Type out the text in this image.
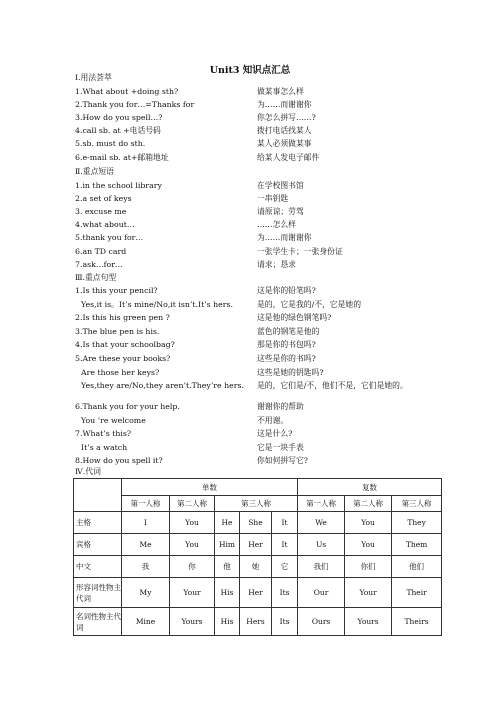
Unit3 知识点汇总
Ⅰ.用法荟萃
1.What about +doing sth?	做某事怎么样
2.Thank you for…=Thanks for	为……而谢谢你
3.How do you spell…?	你怎么拼写……?
4.call sb. at +电话号码	拨打电话找某人
5.sb. must do sth.	某人必须做某事
6.e-mail sb. at+邮箱地址	给某人发电子邮件
Ⅱ.重点短语
1.in the school library	在学校图书馆
2.a set of keys	一串钥匙
3. excuse me	请原谅；劳驾
4.what about…	……怎么样
5.thank you for…	为……而谢谢你
6.an TD card	一张学生卡；一张身份证
7.ask…for…	请求；恳求
Ⅲ.重点句型
1.Is this your pencil?	这是你的铅笔吗?
Yes,it is。It’s mine/No,it isn’t.It’s hers.	是的，它是我的/不，它是她的
2.Is this his green pen ?	这是他的绿色钢笔吗?
3.The blue pen is his.	蓝色的钢笔是他的
4.Is that your schoolbag?	那是你的书包吗?
5.Are these your books?	这些是你的书吗?
Are those her keys?	这些是她的钥匙吗?
Yes,they are/No,they aren’t.They’re hers. 是的，它们是/不，他们不是，它们是她的。
6.Thank you for your help.	谢谢你的帮助
You ’re welcome	不用谢。
7.What’s this?	这是什么?
It’s a watch	它是一块手表
8.How do you spell it?	你如何拼写它?
Ⅳ.代词
	单数					复数		
	第一人称	第二人称	第三人称			第一人称	第二人称	第三人称
主格	I	You	He	She	It	We	You	They
宾格	Me	You	Him	Her	It	Us	You	Them
中文	我	你	他	她	它	我们	你们	他们
形容词性物主代词	My	Your	His	Her	Its	Our	Your	Their
名词性物主代词	Mine	Yours	His	Hers	Its	Ours	Yours	Theirs
